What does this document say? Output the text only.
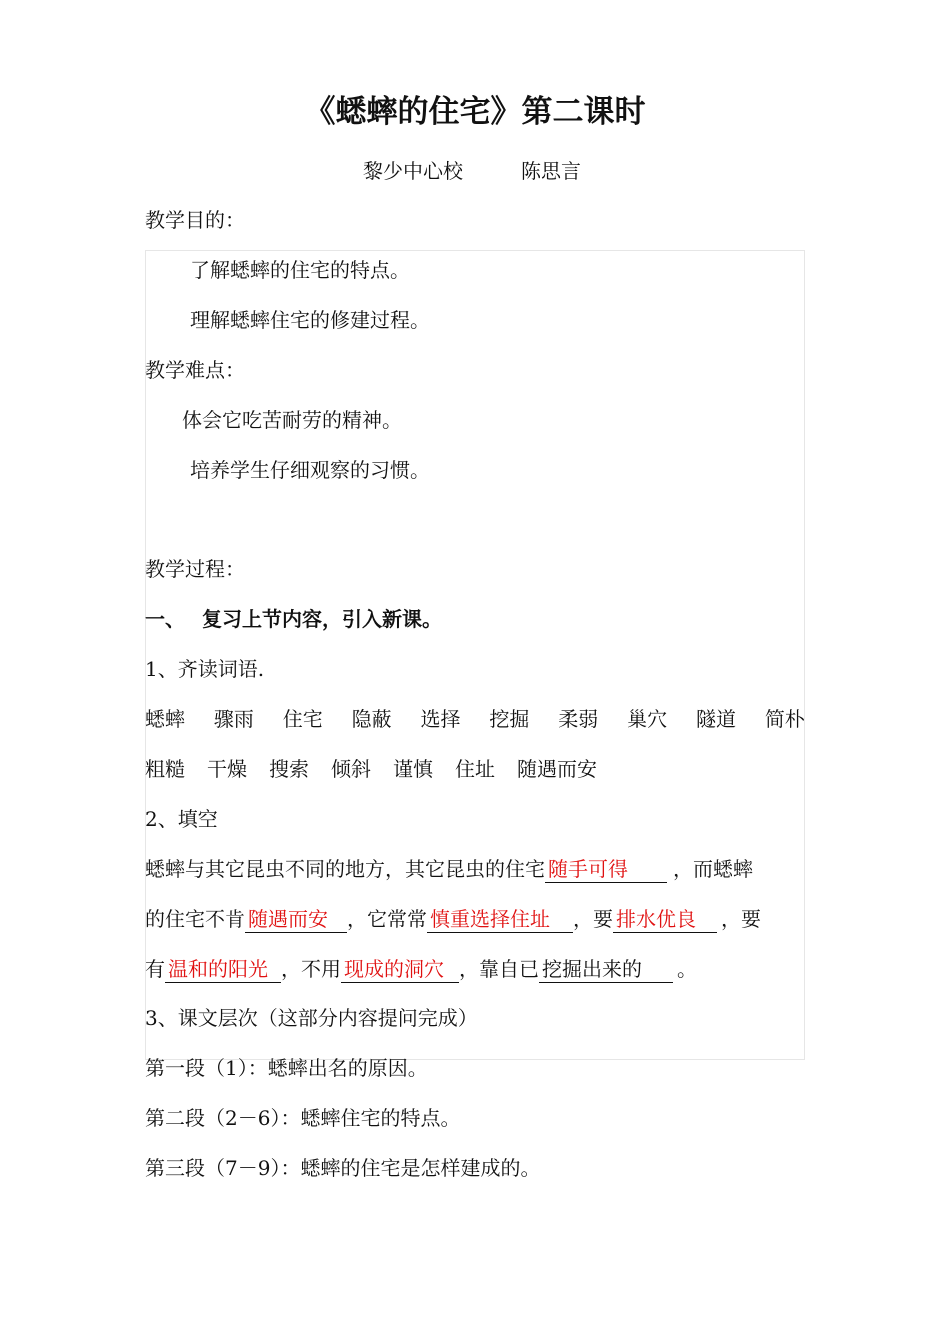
《蟋蟀的住宅》第二课时
黎少中心校	陈思言
教学目的：
了解蟋蟀的住宅的特点。
理解蟋蟀住宅的修建过程。
教学难点：
体会它吃苦耐劳的精神。
培养学生仔细观察的习惯。
教学过程：
一、　 复习上节内容，引入新课。
1、齐读词语.
蟋蟀 骤雨 住宅 隐蔽 选择 挖掘 柔弱 巢穴 隧道 简朴
粗糙 干燥 搜索 倾斜 谨慎 住址 随遇而安
2、填空
蟋蟀与其它昆虫不同的地方，其它昆虫的住宅 随手可得 ，而蟋蟀
的住宅不肯 随遇而安 ，它常常 慎重选择住址 ，要 排水优良 ，要
有 温和的阳光 ，不用 现成的洞穴 ，靠自已 挖掘出来的 。
3、课文层次（这部分内容提问完成）
第一段（1）：蟋蟀出名的原因。
第二段（2－6）：蟋蟀住宅的特点。
第三段（7－9）：蟋蟀的住宅是怎样建成的。
